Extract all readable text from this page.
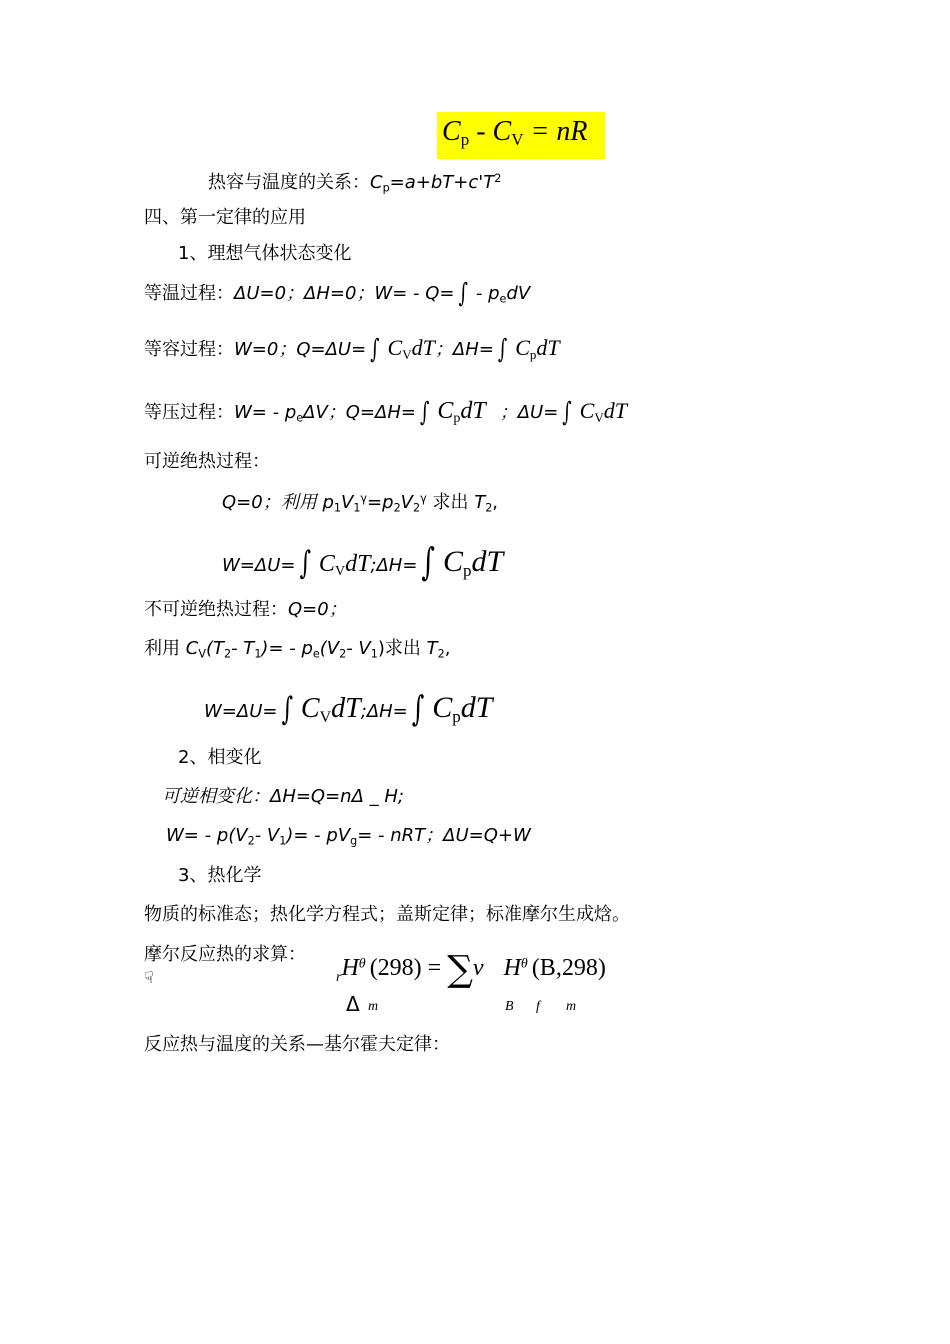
$C_p - C_V$ = nR
热容与温度的关系：$C_p=a+bT+c'T^2$
四、第一定律的应用
1、理想气体状态变化
等温过程：ΔU=0；ΔH=0；W= - Q= ∫ - $p_edV$
等容过程：W=0；Q=ΔU= ∫ $C_VdT$；ΔH= ∫ $C_pdT$
等压过程：$W= - p_e\Delta V$；Q=ΔH= ∫ $C_pdT$ ；ΔU= ∫ $C_VdT$
可逆绝热过程：
Q=0；利用 $p_1V_1^\gamma=p_2V_2^\gamma$ 求出 $T_2$,
W=ΔU= ∫ $C_VdT;\Delta H=$ ∫ CpdT
不可逆绝热过程：Q=0；
利用 $C_V(T_2-$ $T_1)= - p_e(V_2-$ $V_1$)求出 $T_2$,
W=ΔU= ∫ CVdT;ΔH= ∫ CpdT
2、相变化
可逆相变化：ΔH=Q=nΔ _ H;
$W= - p(V_2-$ $V_1)= - pV_g=$ - nRT；ΔU=Q+W
3、热化学
物质的标准态；热化学方程式；盖斯定律；标准摩尔生成焓。
摩尔反应热的求算：
☟	$_rH^\theta$ (298) = ∑ν $H^\theta$ (B,298)
Δ m	B f m
反应热与温度的关系—基尔霍夫定律：
